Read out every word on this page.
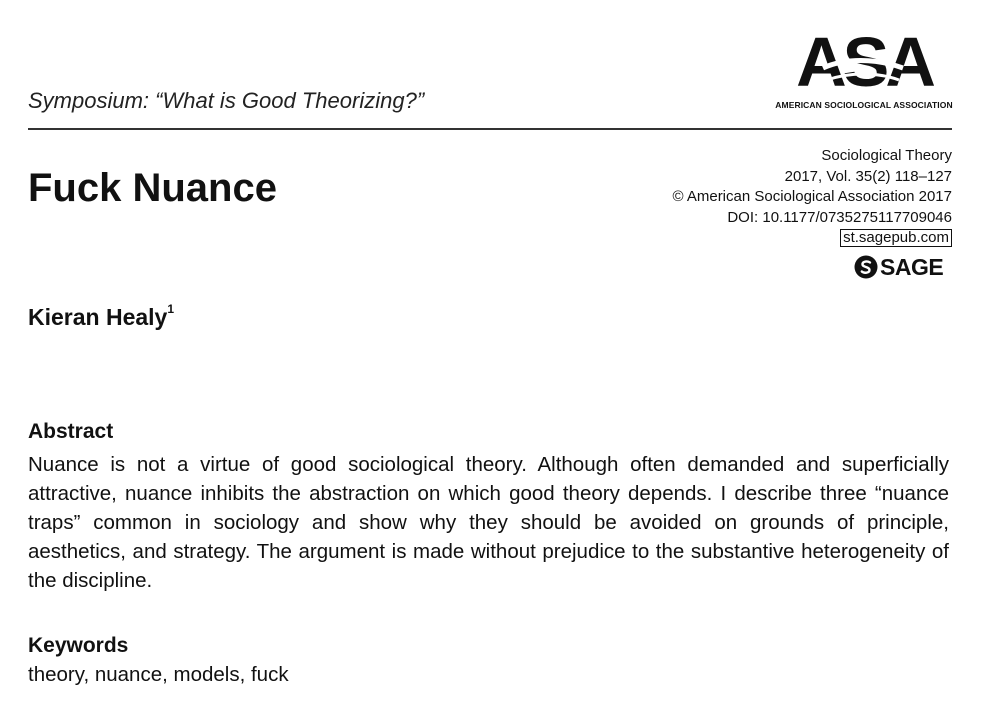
ASA
AMERICAN SOCIOLOGICAL ASSOCIATION
Symposium: “What is Good Theorizing?”
Fuck Nuance
Sociological Theory
2017, Vol. 35(2) 118–127
© American Sociological Association 2017
DOI: 10.1177/0735275117709046
st.sagepub.com
SAGE
Kieran Healy$^1$
Abstract
Nuance is not a virtue of good sociological theory. Although often demanded and superficially attractive, nuance inhibits the abstraction on which good theory depends. I describe three “nuance traps” common in sociology and show why they should be avoided on grounds of principle, aesthetics, and strategy. The argument is made without prejudice to the substantive heterogeneity of the discipline.
Keywords
theory, nuance, models, fuck
